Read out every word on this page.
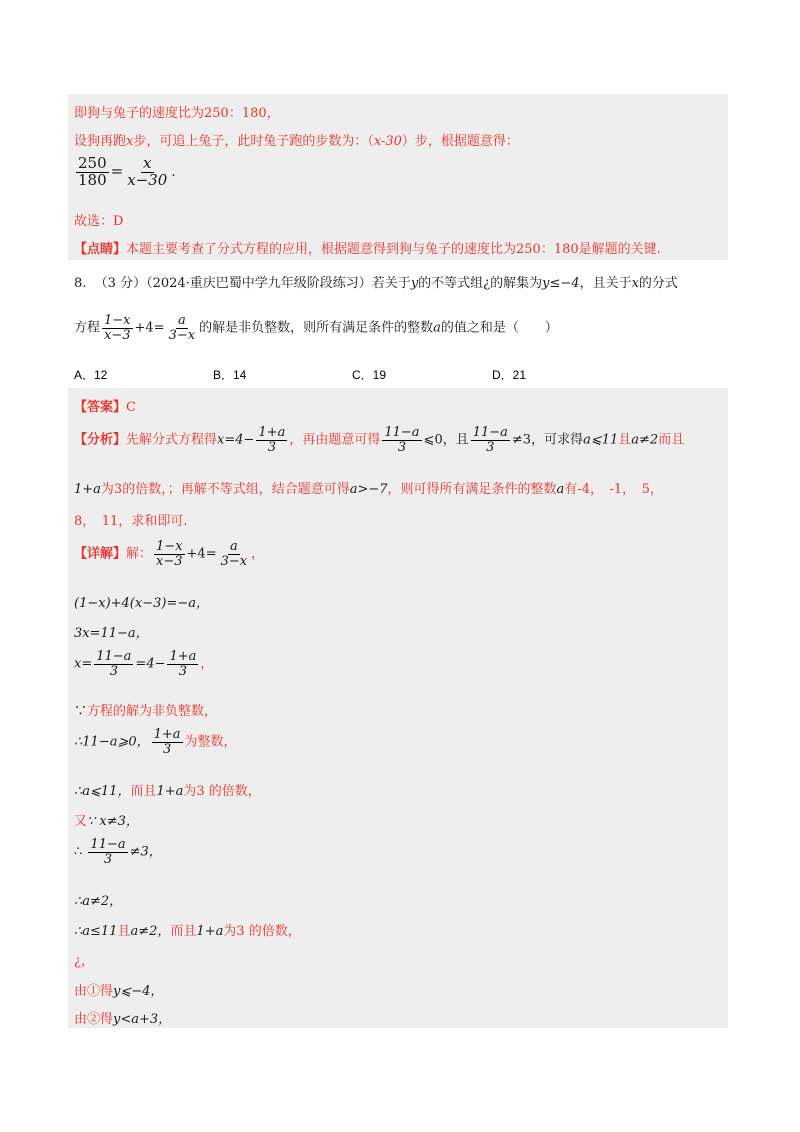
即狗与兔子的速度比为250：180，
设狗再跑x步，可追上兔子，此时兔子跑的步数为：（x-30）步，根据题意得：
$\frac{250}{180} = \frac{x}{x-30}$ .
故选：D
【点睛】本题主要考查了分式方程的应用，根据题意得到狗与兔子的速度比为250：180是解题的关键.
8. （3 分）（2024·重庆巴蜀中学九年级阶段练习）若关于y的不等式组¿的解集为y≤−4，且关于x的分式
方程 $\frac{1-x}{x-3} +4= \frac{a}{3-x}$ 的解是非负整数，则所有满足条件的整数a的值之和是（　　）
A．12	B．14	C．19	D．21
【答案】C
【分析】先解分式方程得$x=4- \frac{1+a}{3}$ ，再由题意可得 $\frac{11-a}{3}$ ⩽0，且 $\frac{11-a}{3} \ne 3$，可求得a⩽11且a≠2而且
1+a为3的倍数，；再解不等式组，结合题意可得a>−7，则可得所有满足条件的整数a有-4，　-1，　5，
8，　11，求和即可.
【详解】解： $\frac{1-x}{x-3} +4= \frac{a}{3-x}$ ，
(1−x)+4(x−3)=−a，
3x=11−a，
$x= \frac{11-a}{3} =4- \frac{1+a}{3}$ ，
∵方程的解为非负整数，
∴11−a⩾0， $\frac{1+a}{3}$ 为整数，
∴a⩽11，而且1+a为3 的倍数，
又∵ x≠3，
∴ $\frac{11-a}{3} \ne 3$，
∴a≠2，
∴a≤11且a≠2，而且1+a为3 的倍数，
¿，
由①得y⩽−4，
由②得y<a+3，
